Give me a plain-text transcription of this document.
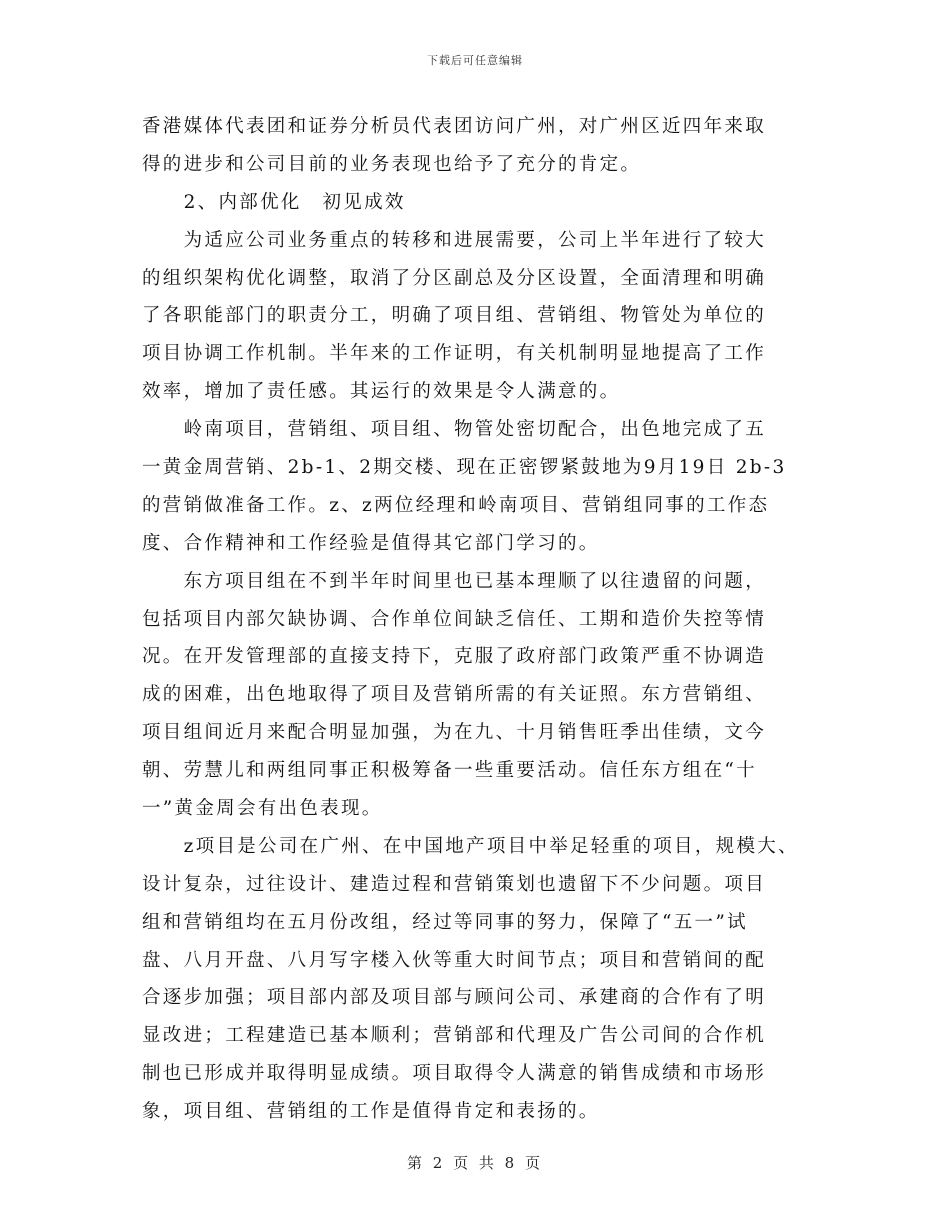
下载后可任意编辑
香港媒体代表团和证券分析员代表团访问广州，对广州区近四年来取
得的进步和公司目前的业务表现也给予了充分的肯定。
　　2、内部优化　初见成效
　　为适应公司业务重点的转移和进展需要，公司上半年进行了较大
的组织架构优化调整，取消了分区副总及分区设置，全面清理和明确
了各职能部门的职责分工，明确了项目组、营销组、物管处为单位的
项目协调工作机制。半年来的工作证明，有关机制明显地提高了工作
效率，增加了责任感。其运行的效果是令人满意的。
　　岭南项目，营销组、项目组、物管处密切配合，出色地完成了五
一黄金周营销、2b-1、2期交楼、现在正密锣紧鼓地为9月19日 2b-3
的营销做准备工作。z、z两位经理和岭南项目、营销组同事的工作态
度、合作精神和工作经验是值得其它部门学习的。
　　东方项目组在不到半年时间里也已基本理顺了以往遗留的问题，
包括项目内部欠缺协调、合作单位间缺乏信任、工期和造价失控等情
况。在开发管理部的直接支持下，克服了政府部门政策严重不协调造
成的困难，出色地取得了项目及营销所需的有关证照。东方营销组、
项目组间近月来配合明显加强，为在九、十月销售旺季出佳绩，文今
朝、劳慧儿和两组同事正积极筹备一些重要活动。信任东方组在“十
一”黄金周会有出色表现。
　　z项目是公司在广州、在中国地产项目中举足轻重的项目，规模大、
设计复杂，过往设计、建造过程和营销策划也遗留下不少问题。项目
组和营销组均在五月份改组，经过等同事的努力，保障了“五一”试
盘、八月开盘、八月写字楼入伙等重大时间节点；项目和营销间的配
合逐步加强；项目部内部及项目部与顾问公司、承建商的合作有了明
显改进；工程建造已基本顺利；营销部和代理及广告公司间的合作机
制也已形成并取得明显成绩。项目取得令人满意的销售成绩和市场形
象，项目组、营销组的工作是值得肯定和表扬的。
第 2 页 共 8 页
